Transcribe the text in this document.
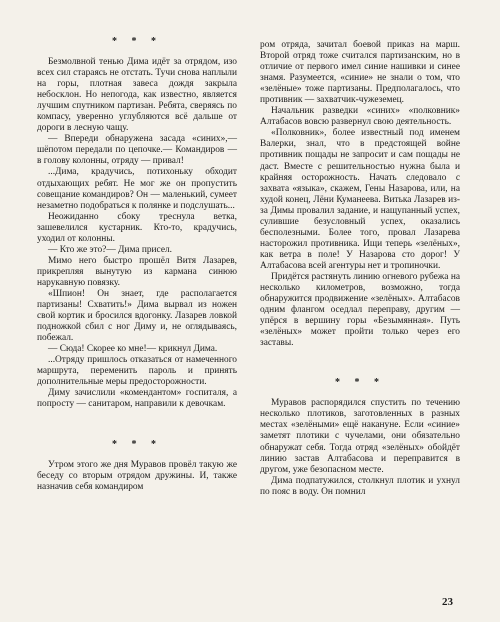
* * *

Безмолвной тенью Дима идёт за отрядом, изо всех сил стараясь не отстать. Тучи снова наплыли на горы, плотная завеса дождя закрыла небосклон. Но непогода, как известно, является лучшим спутником партизан. Ребята, сверяясь по компасу, уверенно углубляются всё дальше от дороги в лесную чащу.

— Впереди обнаружена засада «синих»,— шёпотом передали по цепочке.— Командиров — в голову колонны, отряду — привал!

...Дима, крадучись, потихоньку обходит отдыхающих ребят. Не мог же он пропустить совещание командиров? Он — маленький, сумеет незаметно подобраться к полянке и подслушать...

Неожиданно сбоку треснула ветка, зашевелился кустарник. Кто-то, крадучись, уходил от колонны.

— Кто же это?— Дима присел.

Мимо него быстро прошёл Витя Лазарев, прикрепляя вынутую из кармана синюю нарукавную повязку.

«Шпион! Он знает, где располагается партизаны! Схватить!» Дима вырвал из ножен свой кортик и бросился вдогонку. Лазарев ловкой подножкой сбил с ног Диму и, не оглядываясь, побежал.

— Сюда! Скорее ко мне!— крикнул Дима.

...Отряду пришлось отказаться от намеченного маршрута, переменить пароль и принять дополнительные меры предосторожности.

Диму зачислили «комендантом» госпиталя, а попросту — санитаром, направили к девочкам.

* * *

Утром этого же дня Муравов провёл такую же беседу со вторым отрядом дружины. И, также назначив себя командиром

ром отряда, зачитал боевой приказ на марш. Второй отряд тоже считался партизанским, но в отличие от первого имел синие нашивки и синее знамя. Разумеется, «синие» не знали о том, что «зелёные» тоже партизаны. Предполагалось, что противник — захватчик-чужеземец.

Начальник разведки «синих» «полковник» Алтабасов вовсю развернул свою деятельность.

«Полковник», более известный под именем Валерки, знал, что в предстоящей войне противник пощады не запросит и сам пощады не даст. Вместе с решительностью нужна была и крайняя осторожность. Начать следовало с захвата «языка», скажем, Гены Назарова, или, на худой конец, Лёни Куманеева. Витька Лазарев из-за Димы провалил задание, и нащупанный успех, сулившие безусловный успех, оказались бесполезными. Более того, провал Лазарева насторожил противника. Ищи теперь «зелёных», как ветра в поле! У Назарова сто дорог! У Алтабасова всей агентуры нет и тропиночки.

Придётся растянуть линию огневого рубежа на несколько километров, возможно, тогда обнаружится продвижение «зелёных». Алтабасов одним флангом оседлал переправу, другим — упёрся в вершину горы «Безымянная». Путь «зелёных» может пройти только через его заставы.

* * *

Муравов распорядился спустить по течению несколько плотиков, заготовленных в разных местах «зелёными» ещё накануне. Если «синие» заметят плотики с чучелами, они обязательно обнаружат себя. Тогда отряд «зелёных» обойдёт линию застав Алтабасова и переправится в другом, уже безопасном месте.

Дима подпатужился, столкнул плотик и ухнул по пояс в воду. Он помнил

23
